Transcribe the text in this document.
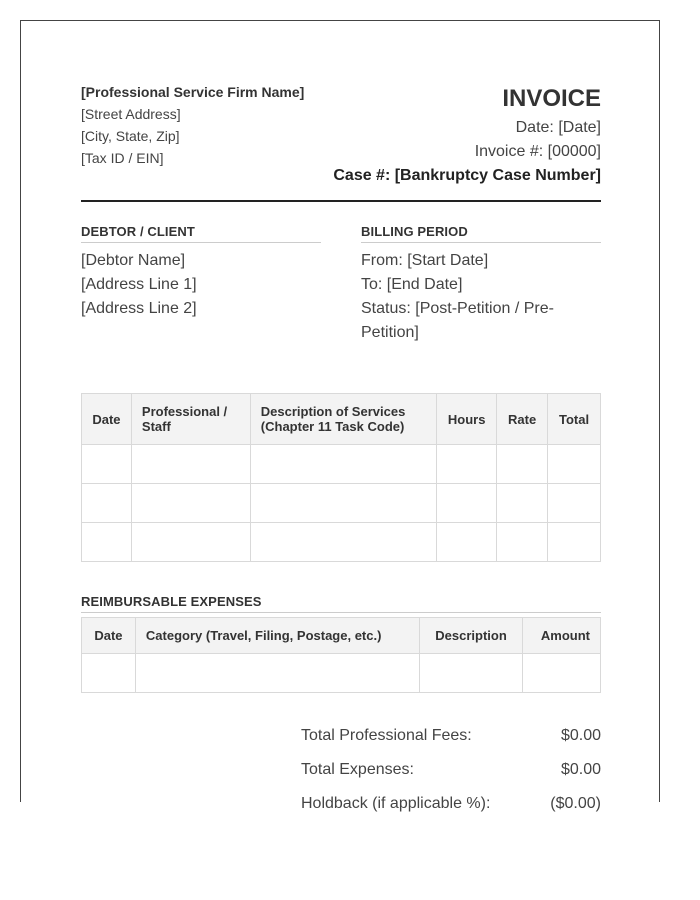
[Professional Service Firm Name]
[Street Address]
[City, State, Zip]
[Tax ID / EIN]
INVOICE
Date: [Date]
Invoice #: [00000]
Case #: [Bankruptcy Case Number]
DEBTOR / CLIENT
[Debtor Name]
[Address Line 1]
[Address Line 2]
BILLING PERIOD
From: [Start Date]
To: [End Date]
Status: [Post-Petition / Pre-Petition]
Date	Professional / Staff	Description of Services (Chapter 11 Task Code)	Hours	Rate	Total

REIMBURSABLE EXPENSES
Date	Category (Travel, Filing, Postage, etc.)	Description	Amount

Total Professional Fees:	$0.00
Total Expenses:	$0.00
Holdback (if applicable %):	($0.00)
